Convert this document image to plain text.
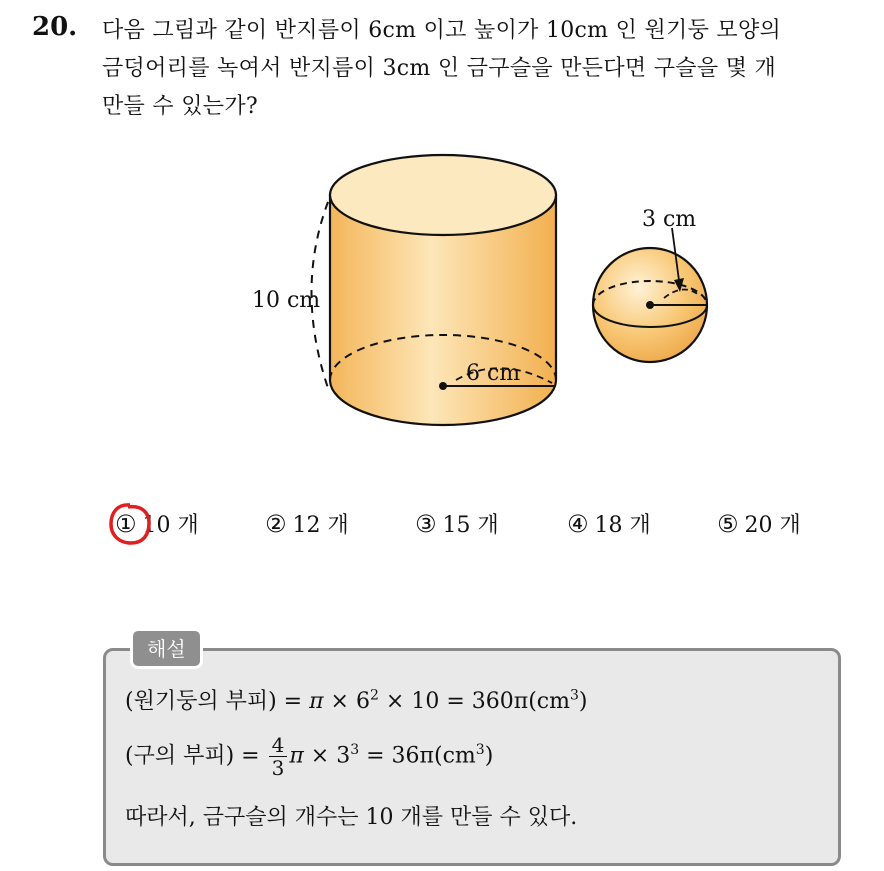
20. 다음 그림과 같이 반지름이 6cm 이고 높이가 10cm 인 원기둥 모양의
금덩어리를 녹여서 반지름이 3cm 인 금구슬을 만든다면 구슬을 몇 개
만들 수 있는가?
10 cm
6 cm
3 cm
① 10 개	② 12 개	③ 15 개	④ 18 개	⑤ 20 개
해설
(원기둥의 부피) = $\pi \times 6^2 \times 10 = 360\pi(cm^3)$
(구의 부피) = $\frac{4}{3}$ $\pi \times 3^3 = 36\pi(cm^3)$
따라서, 금구슬의 개수는 10 개를 만들 수 있다.
